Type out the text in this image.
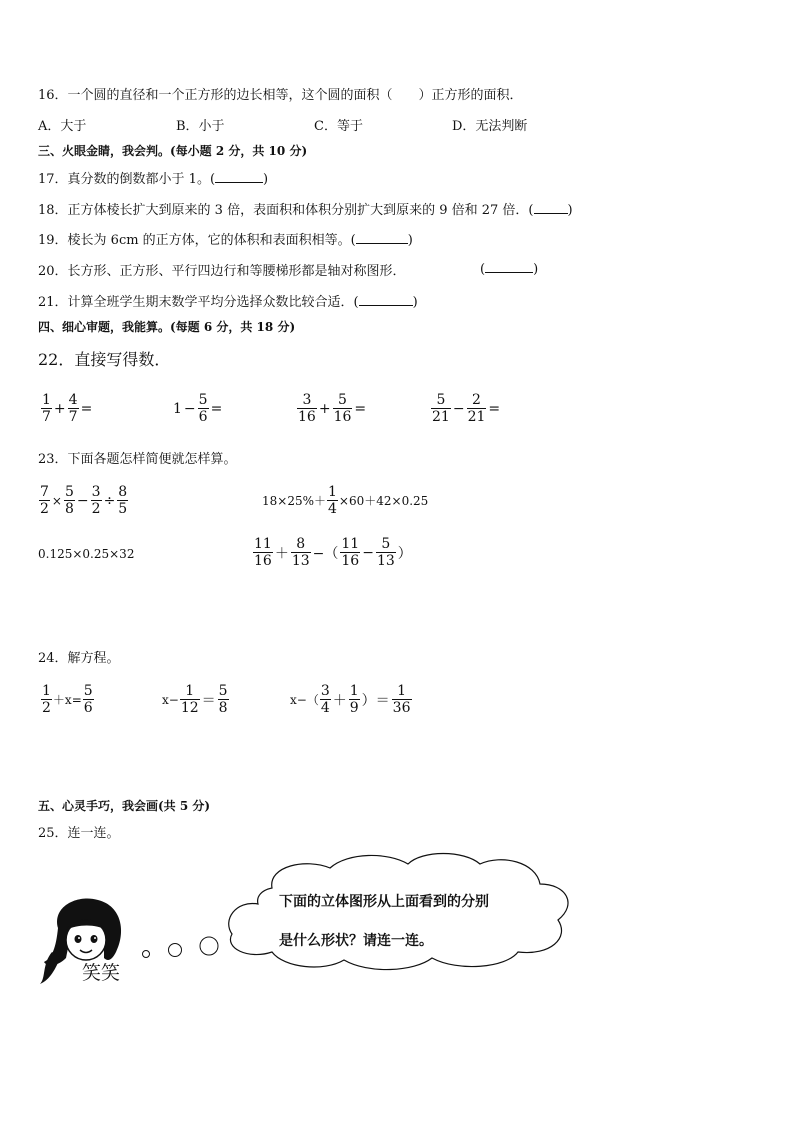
16．一个圆的直径和一个正方形的边长相等，这个圆的面积（　　）正方形的面积．
A．大于	B．小于	C．等于	D．无法判断
三、火眼金睛，我会判。(每小题 2 分，共 10 分)
17．真分数的倒数都小于 1。(	)
18．正方体棱长扩大到原来的 3 倍，表面积和体积分别扩大到原来的 9 倍和 27 倍．(	)
19．棱长为 6cm 的正方体，它的体积和表面积相等。(	)
20．长方形、正方形、平行四边行和等腰梯形都是轴对称图形．	(	)
21．计算全班学生期末数学平均分选择众数比较合适．(	)
四、细心审题，我能算。(每题 6 分，共 18 分)
22．直接写得数．
$\frac{1}{7} + \frac{4}{7}$ =	$1 - \frac{5}{6}$ =	$\frac{3}{16} + \frac{5}{16}$ =	$\frac{5}{21} - \frac{2}{21}$ =
23．下面各题怎样简便就怎样算。
$\frac{7}{2} \times \frac{5}{8} - \frac{3}{2} \div \frac{8}{5}$	$18\times 25\%+ \frac{1}{4} \times 60+42\times 0.25$
0.125×0.25×32	$\frac{11}{16} + \frac{8}{13}$ −（ $\frac{11}{16} - \frac{5}{13}$ ）
24．解方程。
$\frac{1}{2} +x= \frac{5}{6}$	$x- \frac{1}{12} = \frac{5}{8}$	$x-( \frac{3}{4} + \frac{1}{9}$ ）＝ $\frac{1}{36}$
五、心灵手巧，我会画(共 5 分)
25．连一连。
笑笑
下面的立体图形从上面看到的分别
是什么形状？请连一连。
